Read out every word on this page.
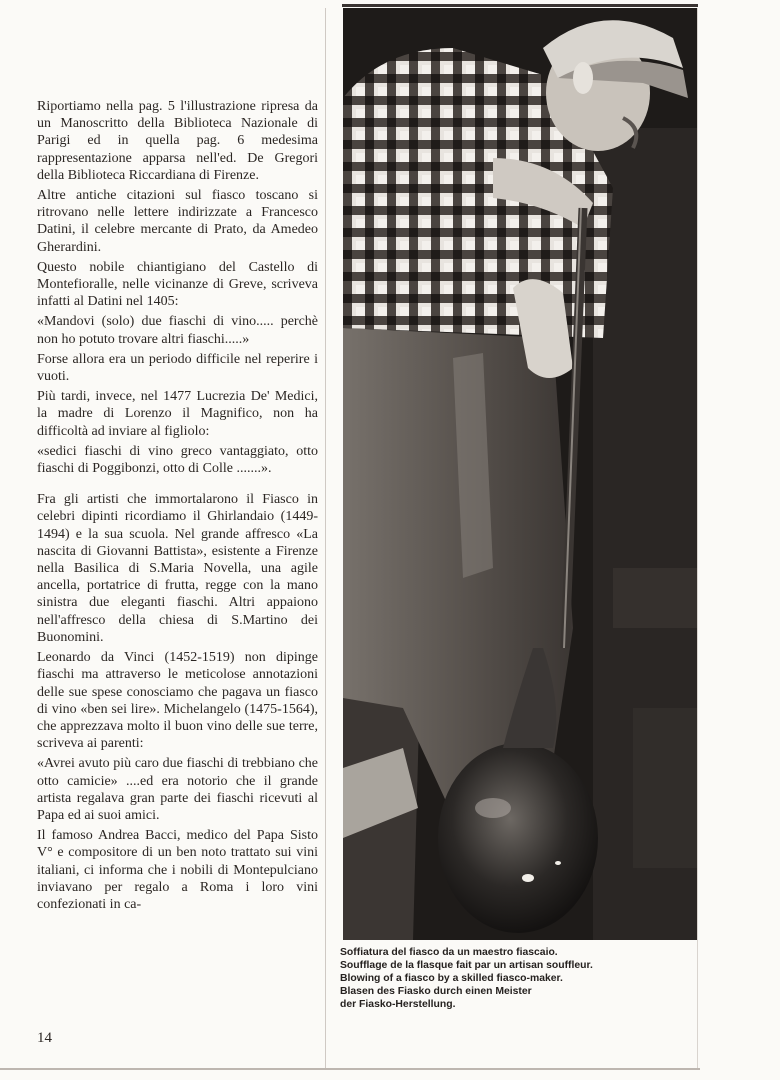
Riportiamo nella pag. 5 l'illustrazione ripresa da un Manoscritto della Biblioteca Nazionale di Parigi ed in quella pag. 6 medesima rappresentazione apparsa nell'ed. De Gregori della Biblioteca Riccardiana di Firenze.

Altre antiche citazioni sul fiasco toscano si ritrovano nelle lettere indirizzate a Francesco Datini, il celebre mercante di Prato, da Amedeo Gherardini.

Questo nobile chiantigiano del Castello di Montefioralle, nelle vicinanze di Greve, scriveva infatti al Datini nel 1405:

«Mandovi (solo) due fiaschi di vino..... perchè non ho potuto trovare altri fiaschi.....»

Forse allora era un periodo difficile nel reperire i vuoti.

Più tardi, invece, nel 1477 Lucrezia De' Medici, la madre di Lorenzo il Magnifico, non ha difficoltà ad inviare al figliolo:

«sedici fiaschi di vino greco vantaggiato, otto fiaschi di Poggibonzi, otto di Colle .......».

Fra gli artisti che immortalarono il Fiasco in celebri dipinti ricordiamo il Ghirlandaio (1449-1494) e la sua scuola. Nel grande affresco «La nascita di Giovanni Battista», esistente a Firenze nella Basilica di S.Maria Novella, una agile ancella, portatrice di frutta, regge con la mano sinistra due eleganti fiaschi. Altri appaiono nell'affresco della chiesa di S.Martino dei Buonomini.

Leonardo da Vinci (1452-1519) non dipinge fiaschi ma attraverso le meticolose annotazioni delle sue spese conosciamo che pagava un fiasco di vino «ben sei lire». Michelangelo (1475-1564), che apprezzava molto il buon vino delle sue terre, scriveva ai parenti:

«Avrei avuto più caro due fiaschi di trebbiano che otto camicie» ....ed era notorio che il grande artista regalava gran parte dei fiaschi ricevuti al Papa ed ai suoi amici.

Il famoso Andrea Bacci, medico del Papa Sisto V° e compositore di un ben noto trattato sui vini italiani, ci informa che i nobili di Montepulciano inviavano per regalo a Roma i loro vini confezionati in ca-

14
Soffiatura del fiasco da un maestro fiascaio.
Soufflage de la flasque fait par un artisan souffleur.
Blowing of a fiasco by a skilled fiasco-maker.
Blasen des Fiasko durch einen Meister
der Fiasko-Herstellung.
